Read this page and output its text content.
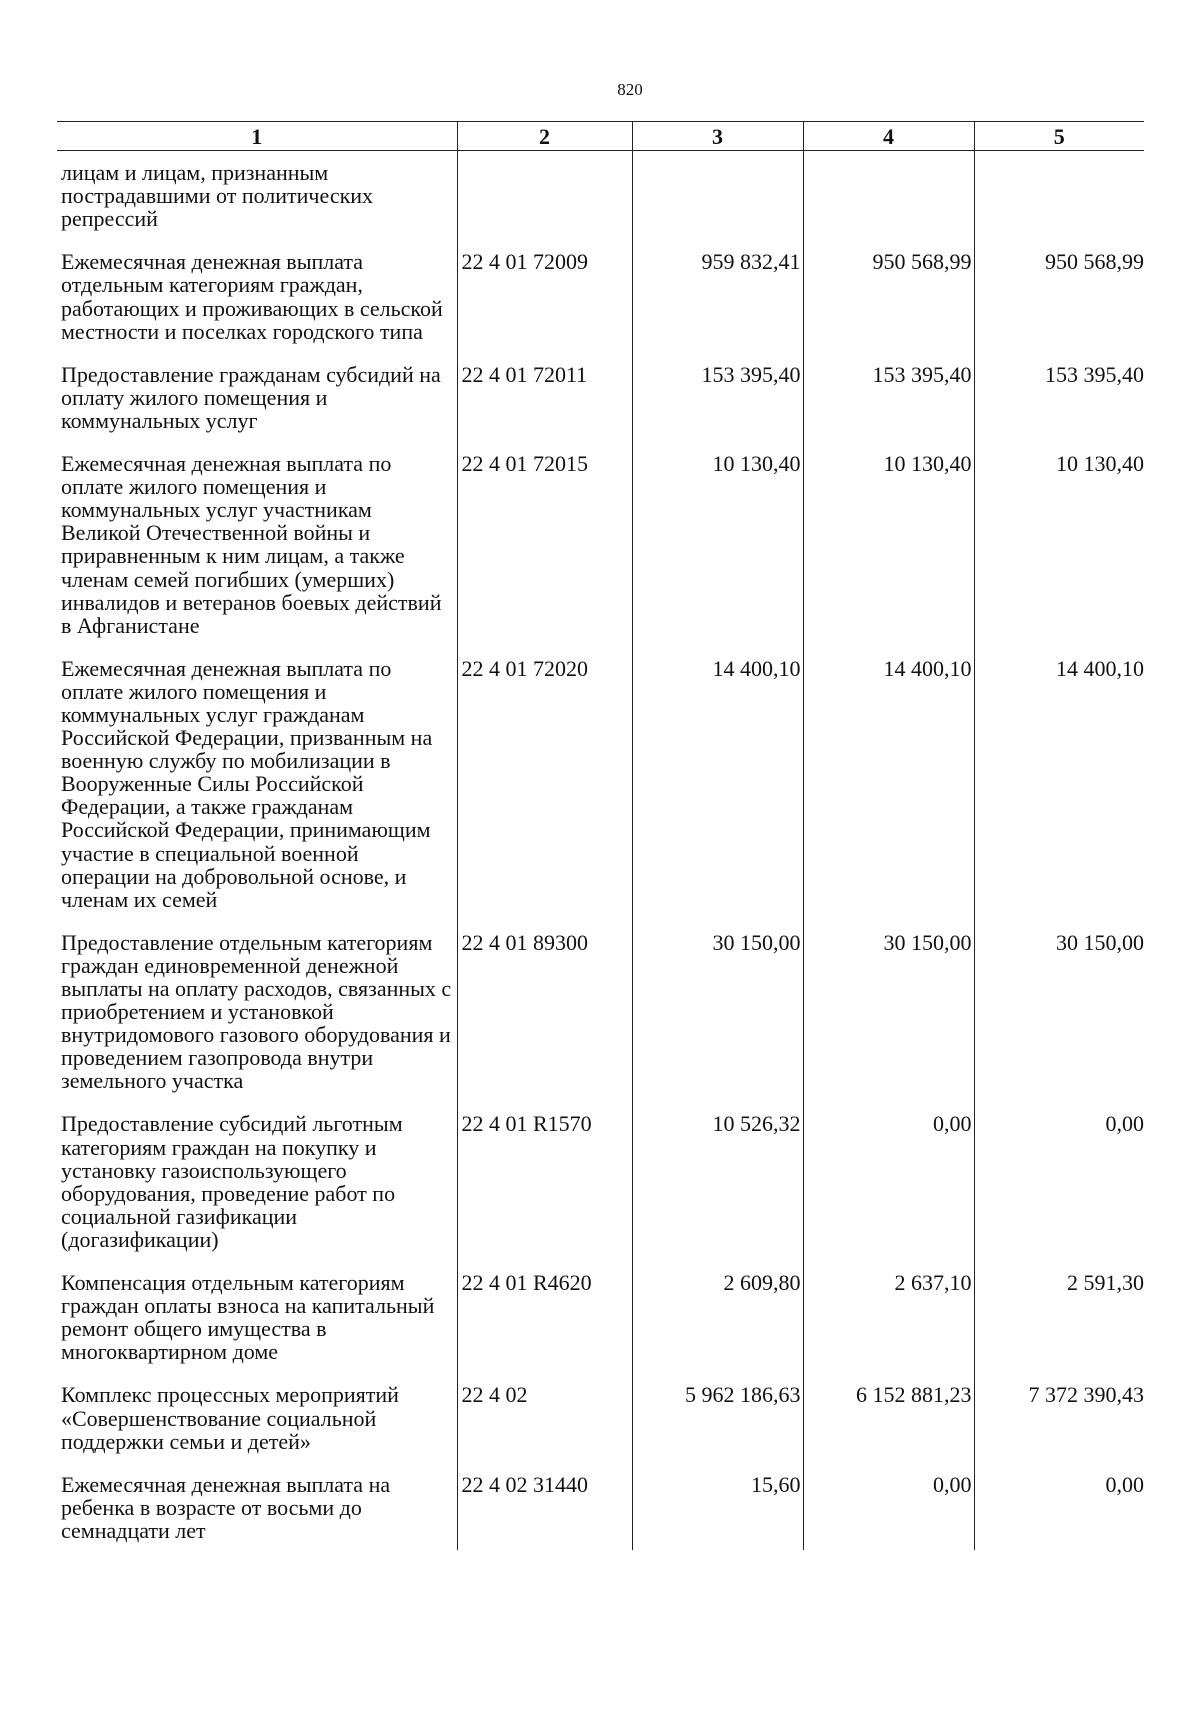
820
1	2	3	4	5
лицам и лицам, признанным пострадавшими от политических репрессий				
Ежемесячная денежная выплата отдельным категориям граждан, работающих и проживающих в сельской местности и поселках городского типа	22 4 01 72009	959 832,41	950 568,99	950 568,99
Предоставление гражданам субсидий на оплату жилого помещения и коммунальных услуг	22 4 01 72011	153 395,40	153 395,40	153 395,40
Ежемесячная денежная выплата по оплате жилого помещения и коммунальных услуг участникам Великой Отечественной войны и приравненным к ним лицам, а также членам семей погибших (умерших) инвалидов и ветеранов боевых действий в Афганистане	22 4 01 72015	10 130,40	10 130,40	10 130,40
Ежемесячная денежная выплата по оплате жилого помещения и коммунальных услуг гражданам Российской Федерации, призванным на военную службу по мобилизации в Вооруженные Силы Российской Федерации, а также гражданам Российской Федерации, принимающим участие в специальной военной операции на добровольной основе, и членам их семей	22 4 01 72020	14 400,10	14 400,10	14 400,10
Предоставление отдельным категориям граждан единовременной денежной выплаты на оплату расходов, связанных с приобретением и установкой внутридомового газового оборудования и проведением газопровода внутри земельного участка	22 4 01 89300	30 150,00	30 150,00	30 150,00
Предоставление субсидий льготным категориям граждан на покупку и установку газоиспользующего оборудования, проведение работ по социальной газификации (догазификации)	22 4 01 R1570	10 526,32	0,00	0,00
Компенсация отдельным категориям граждан оплаты взноса на капитальный ремонт общего имущества в многоквартирном доме	22 4 01 R4620	2 609,80	2 637,10	2 591,30
Комплекс процессных мероприятий «Совершенствование социальной поддержки семьи и детей»	22 4 02	5 962 186,63	6 152 881,23	7 372 390,43
Ежемесячная денежная выплата на ребенка в возрасте от восьми до семнадцати лет	22 4 02 31440	15,60	0,00	0,00
